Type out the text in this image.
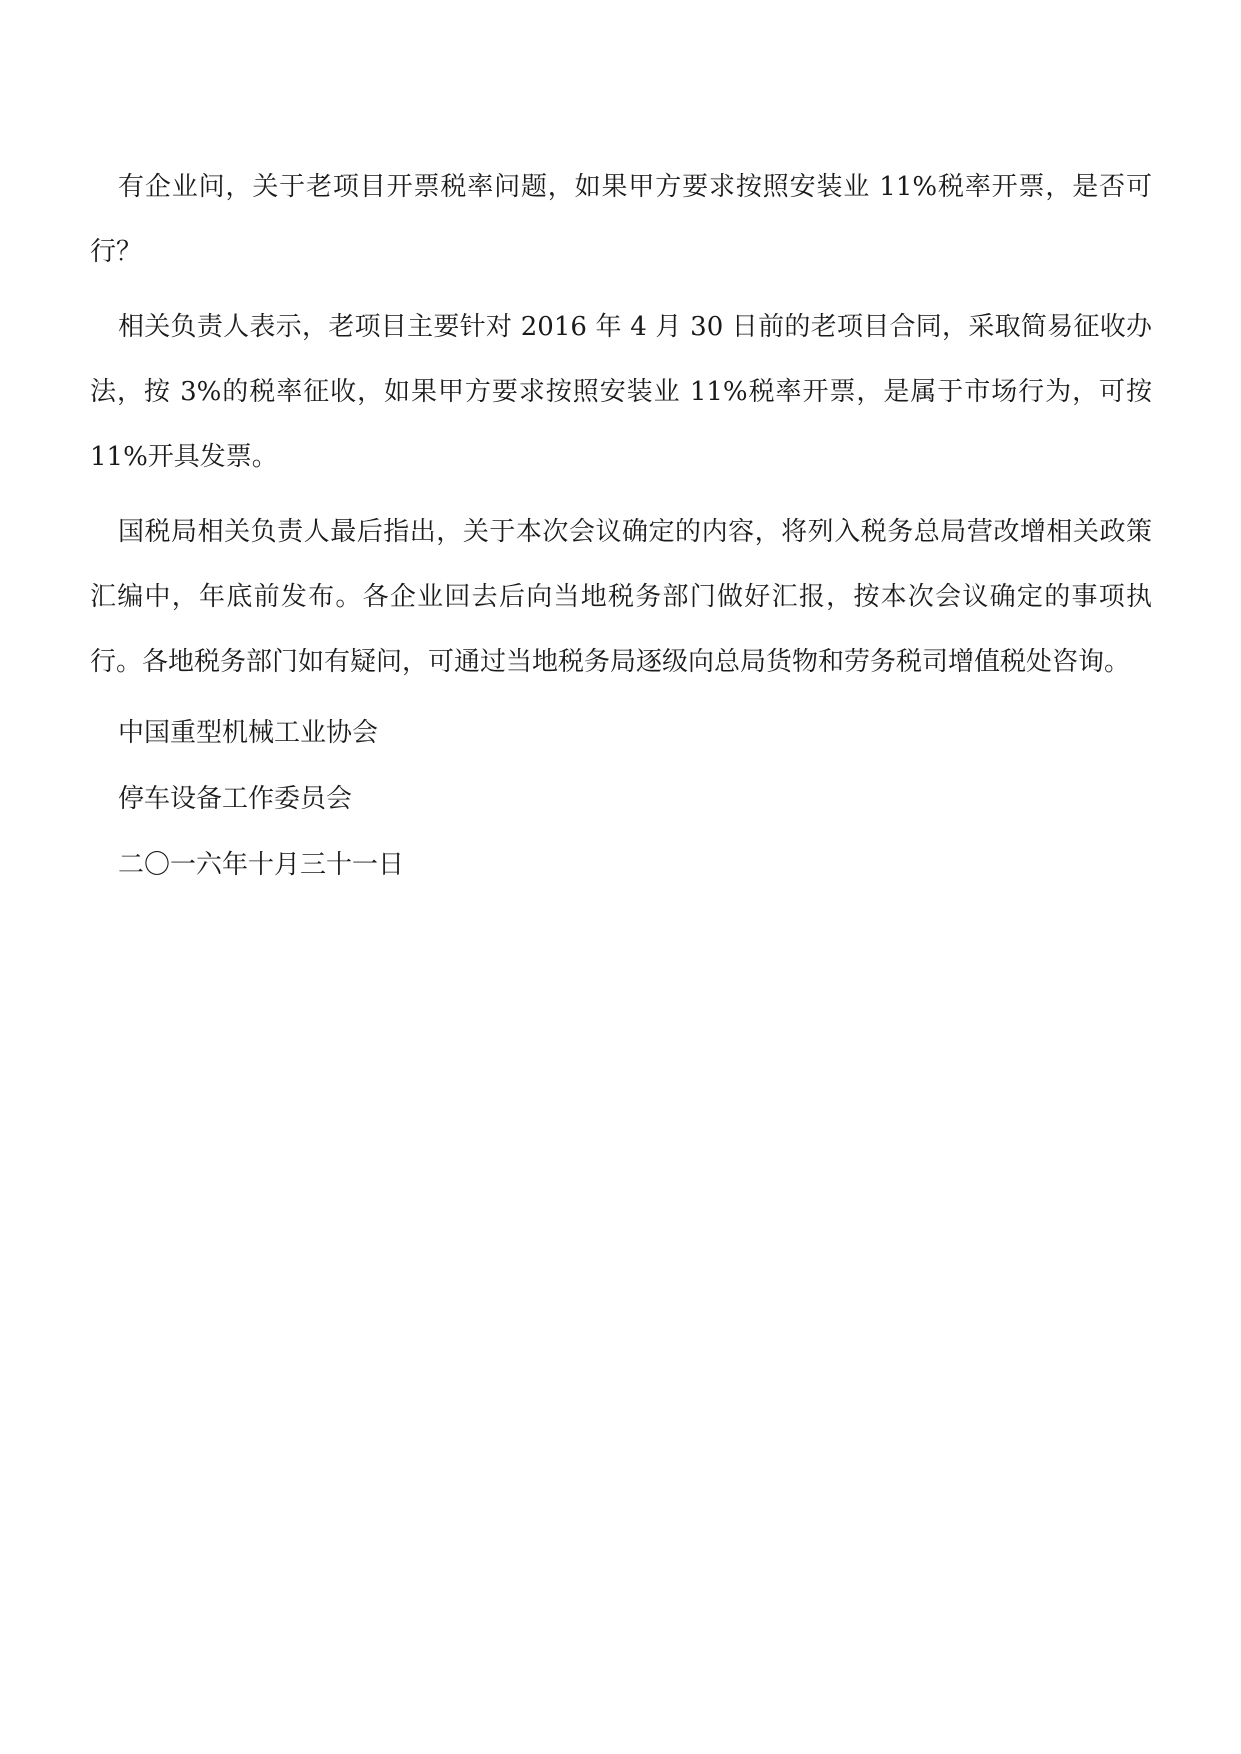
有企业问，关于老项目开票税率问题，如果甲方要求按照安装业 11%税率开票，是否可行？

相关负责人表示，老项目主要针对 2016 年 4 月 30 日前的老项目合同，采取简易征收办法，按 3%的税率征收，如果甲方要求按照安装业 11%税率开票，是属于市场行为，可按 11%开具发票。

国税局相关负责人最后指出，关于本次会议确定的内容，将列入税务总局营改增相关政策汇编中，年底前发布。各企业回去后向当地税务部门做好汇报，按本次会议确定的事项执行。各地税务部门如有疑问，可通过当地税务局逐级向总局货物和劳务税司增值税处咨询。

中国重型机械工业协会

停车设备工作委员会

二〇一六年十月三十一日
